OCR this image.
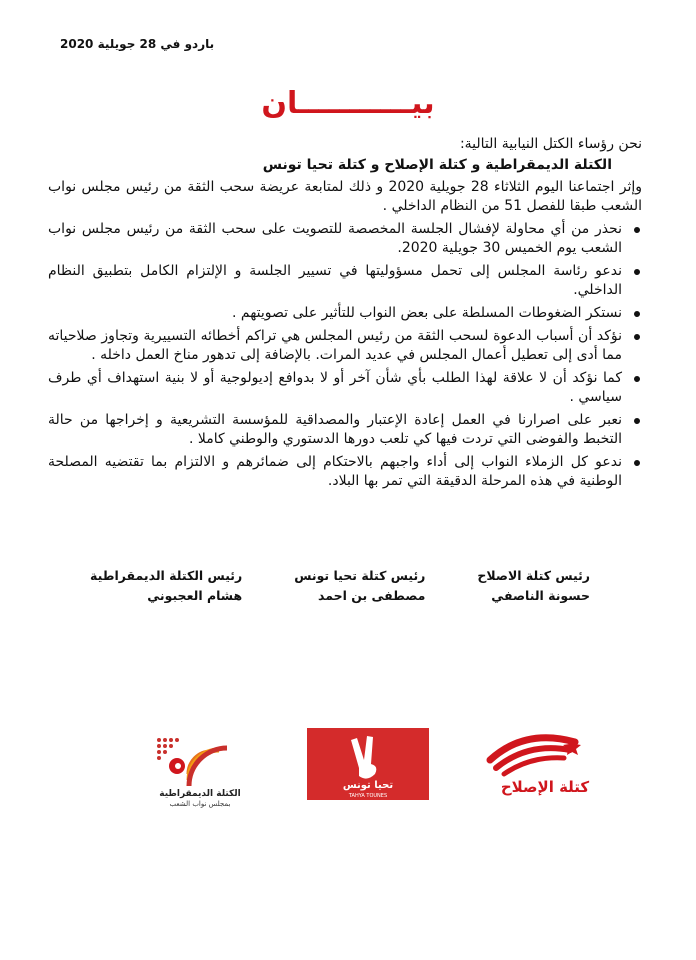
باردو في 28 جويلية 2020
بيـــــــــــان

نحن رؤساء الكتل النيابية التالية:

الكتلة الديمقراطية و كتلة الإصلاح و كتلة تحيا تونس

وإثر اجتماعنا اليوم الثلاثاء 28 جويلية 2020 و ذلك لمتابعة عريضة سحب الثقة من رئيس مجلس نواب الشعب طبقا للفصل 51 من النظام الداخلي .

نحذر من أي محاولة لإفشال الجلسة المخصصة للتصويت على سحب الثقة من رئيس مجلس نواب الشعب يوم الخميس 30 جويلية 2020.
ندعو رئاسة المجلس إلى تحمل مسؤوليتها في تسيير الجلسة و الإلتزام الكامل بتطبيق النظام الداخلي.
نستكر الضغوطات المسلطة على بعض النواب للتأثير على تصويتهم .
نؤكد أن أسباب الدعوة لسحب الثقة من رئيس المجلس هي تراكم أخطائه التسييرية وتجاوز صلاحياته مما أدى إلى تعطيل أعمال المجلس في عديد المرات. بالإضافة إلى تدهور مناخ العمل داخله .
كما نؤكد أن لا علاقة لهذا الطلب بأي شأن آخر أو لا بدوافع إديولوجية أو لا بنية استهداف أي طرف سياسي .
نعبر على اصرارنا في العمل إعادة الإعتبار والمصداقية للمؤسسة التشريعية و إخراجها من حالة التخبط والفوضى التي تردت فيها كي تلعب دورها الدستوري والوطني كاملا .
ندعو كل الزملاء النواب إلى أداء واجبهم بالاحتكام إلى ضمائرهم و الالتزام بما تقتضيه المصلحة الوطنية في هذه المرحلة الدقيقة التي تمر بها البلاد.
رئيس كتلة الاصلاح
حسونة الناصفي
رئيس كتلة تحيا تونس
مصطفى بن احمد
رئيس الكتلة الديمقراطية
هشام العجبوني
كتلة الإصلاح
تحيا تونس
TAHYA TOUNES
الكتلة الديمقراطية
بمجلس نواب الشعب
